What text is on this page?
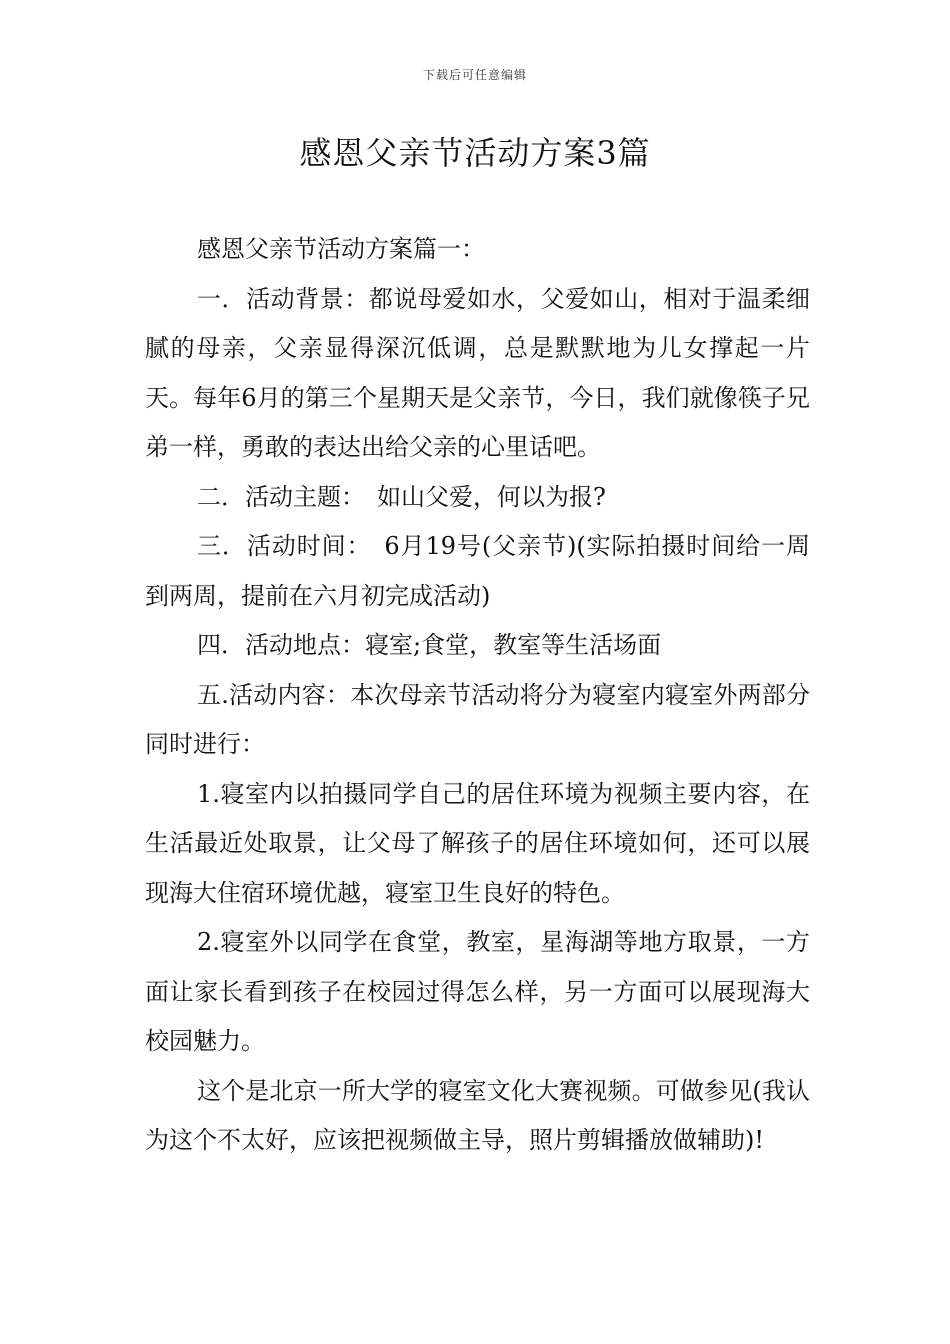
下载后可任意编辑
感恩父亲节活动方案3篇

感恩父亲节活动方案篇一：

一．活动背景：都说母爱如水，父爱如山，相对于温柔细腻的母亲，父亲显得深沉低调，总是默默地为儿女撑起一片天。每年6月的第三个星期天是父亲节，今日，我们就像筷子兄弟一样，勇敢的表达出给父亲的心里话吧。

二．活动主题：　如山父爱，何以为报?

三．活动时间：　6月19号(父亲节)(实际拍摄时间给一周到两周，提前在六月初完成活动)

四．活动地点：寝室;食堂，教室等生活场面

五.活动内容：本次母亲节活动将分为寝室内寝室外两部分同时进行：

1.寝室内以拍摄同学自己的居住环境为视频主要内容，在生活最近处取景，让父母了解孩子的居住环境如何，还可以展现海大住宿环境优越，寝室卫生良好的特色。

2.寝室外以同学在食堂，教室，星海湖等地方取景，一方面让家长看到孩子在校园过得怎么样，另一方面可以展现海大校园魅力。

这个是北京一所大学的寝室文化大赛视频。可做参见(我认为这个不太好，应该把视频做主导，照片剪辑播放做辅助)!
